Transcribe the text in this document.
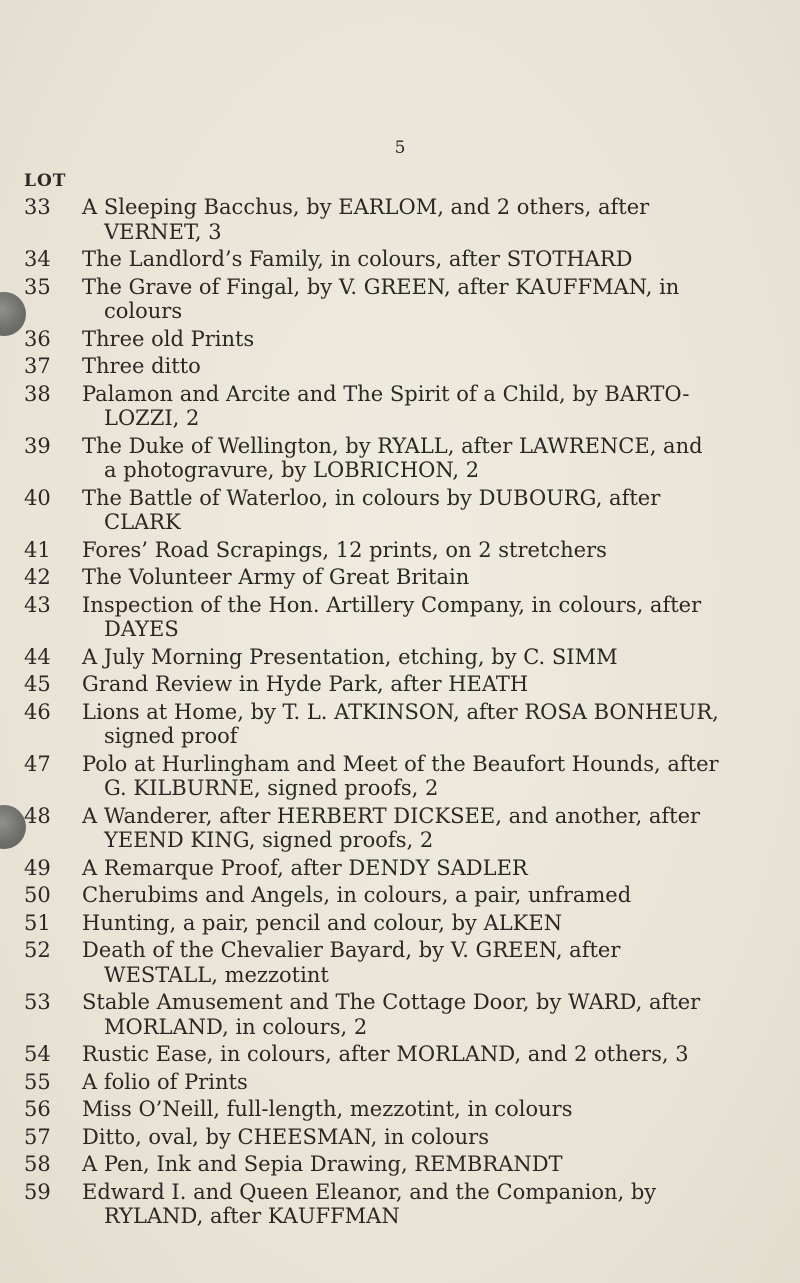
5
LOT
33	A Sleeping Bacchus, by EARLOM, and 2 others, after
VERNET, 3
34	The Landlord’s Family, in colours, after STOTHARD
35	The Grave of Fingal, by V. GREEN, after KAUFFMAN, in
colours
36	Three old Prints
37	Three ditto
38	Palamon and Arcite and The Spirit of a Child, by BARTO-
LOZZI, 2
39	The Duke of Wellington, by RYALL, after LAWRENCE, and
a photogravure, by LOBRICHON, 2
40	The Battle of Waterloo, in colours by DUBOURG, after
CLARK
41	Fores’ Road Scrapings, 12 prints, on 2 stretchers
42	The Volunteer Army of Great Britain
43	Inspection of the Hon. Artillery Company, in colours, after
DAYES
44	A July Morning Presentation, etching, by C. SIMM
45	Grand Review in Hyde Park, after HEATH
46	Lions at Home, by T. L. ATKINSON, after ROSA BONHEUR,
signed proof
47	Polo at Hurlingham and Meet of the Beaufort Hounds, after
G. KILBURNE, signed proofs, 2
48	A Wanderer, after HERBERT DICKSEE, and another, after
YEEND KING, signed proofs, 2
49	A Remarque Proof, after DENDY SADLER
50	Cherubims and Angels, in colours, a pair, unframed
51	Hunting, a pair, pencil and colour, by ALKEN
52	Death of the Chevalier Bayard, by V. GREEN, after
WESTALL, mezzotint
53	Stable Amusement and The Cottage Door, by WARD, after
MORLAND, in colours, 2
54	Rustic Ease, in colours, after MORLAND, and 2 others, 3
55	A folio of Prints
56	Miss O’Neill, full-length, mezzotint, in colours
57	Ditto, oval, by CHEESMAN, in colours
58	A Pen, Ink and Sepia Drawing, REMBRANDT
59	Edward I. and Queen Eleanor, and the Companion, by
RYLAND, after KAUFFMAN
